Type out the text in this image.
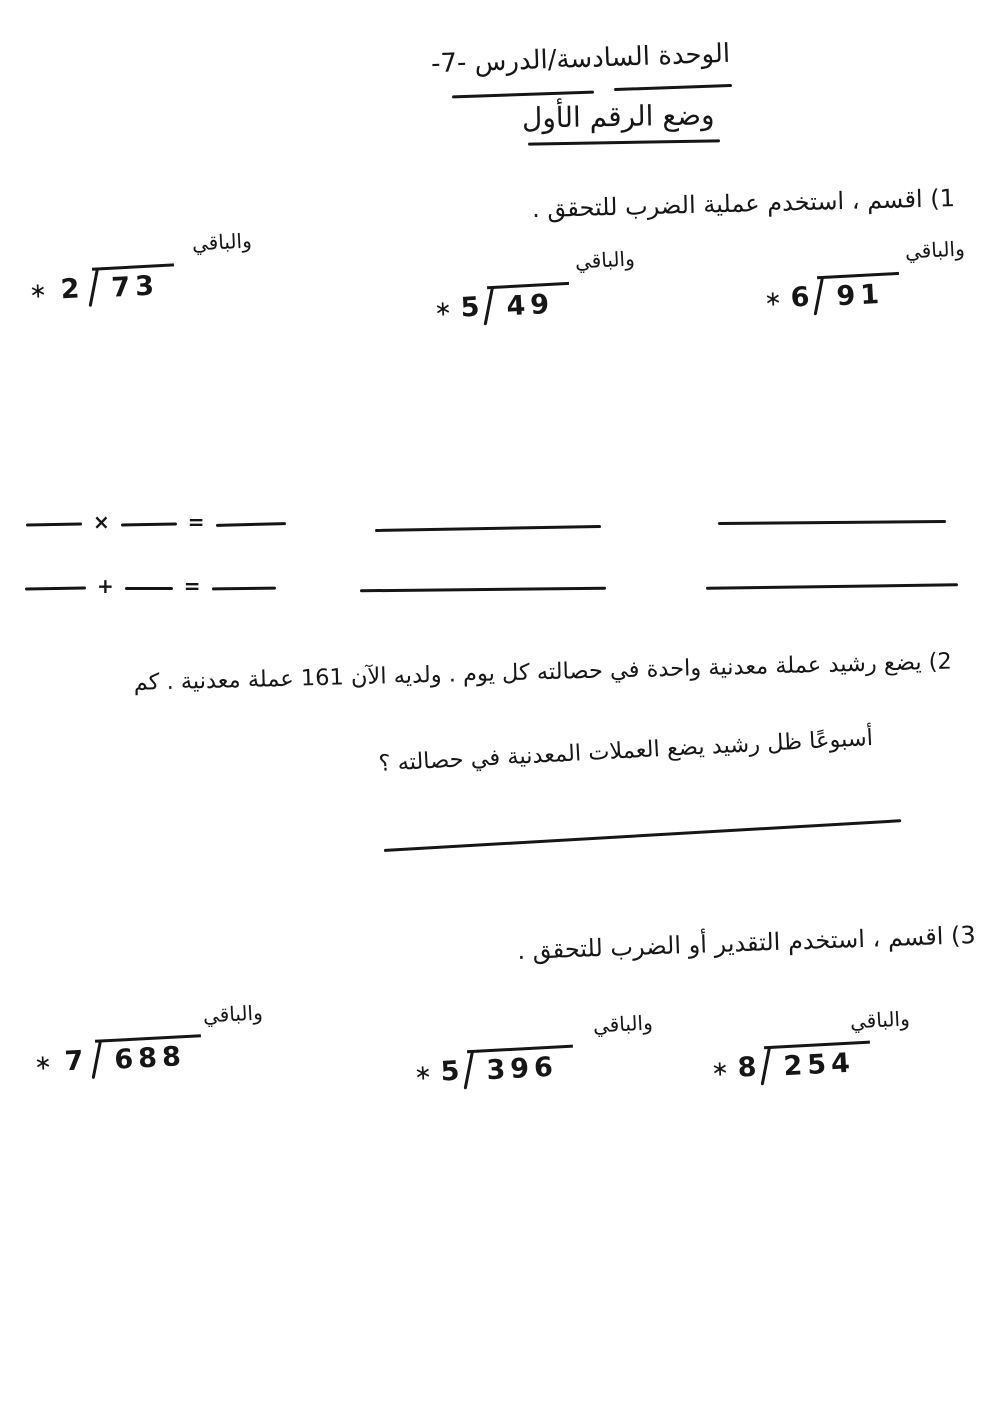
الوحدة السادسة/الدرس -7-
وضع الرقم الأول
1) اقسم ، استخدم عملية الضرب للتحقق .
والباقي
∗ 6 91
والباقي
∗ 5 49
والباقي
∗ 2	73
×	=
+	=
2) يضع رشيد عملة معدنية واحدة في حصالته كل يوم . ولديه الآن 161 عملة معدنية . كم
أسبوعًا ظل رشيد يضع العملات المعدنية في حصالته ؟
3) اقسم ، استخدم التقدير أو الضرب للتحقق .
والباقي
∗ 8 254
والباقي
∗ 5 396
والباقي
∗ 7	688
